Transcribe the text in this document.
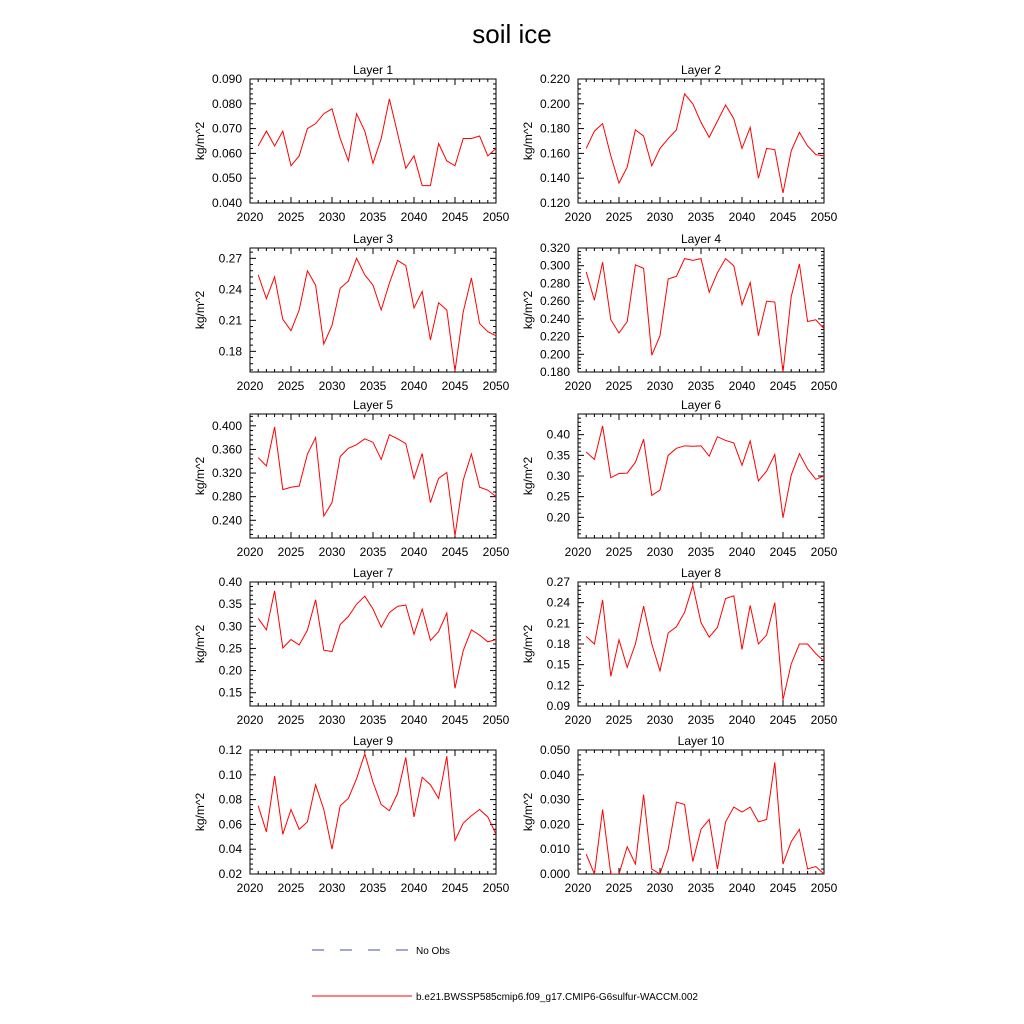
soil ice
Layer 1
2020 2025 2030 2035 2040 2045 2050
0.040
0.050
0.060
0.070
0.080
0.090
kg/m^2
Layer 2
2020 2025 2030 2035 2040 2045 2050
0.120
0.140
0.160
0.180
0.200
0.220
kg/m^2
Layer 3
2020 2025 2030 2035 2040 2045 2050
0.18
0.21
0.24
0.27
kg/m^2
Layer 4
2020 2025 2030 2035 2040 2045 2050
0.180
0.200
0.220
0.240
0.260
0.280
0.300
0.320
kg/m^2
Layer 5
2020 2025 2030 2035 2040 2045 2050
0.240
0.280
0.320
0.360
0.400
kg/m^2
Layer 6
2020 2025 2030 2035 2040 2045 2050
0.20
0.25
0.30
0.35
0.40
kg/m^2
Layer 7
2020 2025 2030 2035 2040 2045 2050
0.15
0.20
0.25
0.30
0.35
0.40
kg/m^2
Layer 8
2020 2025 2030 2035 2040 2045 2050
0.09
0.12
0.15
0.18
0.21
0.24
0.27
kg/m^2
Layer 9
2020 2025 2030 2035 2040 2045 2050
0.02
0.04
0.06
0.08
0.10
0.12
kg/m^2
Layer 10
2020 2025 2030 2035 2040 2045 2050
0.000
0.010
0.020
0.030
0.040
0.050
kg/m^2
No Obs
b.e21.BWSSP585cmip6.f09_g17.CMIP6-G6sulfur-WACCM.002
